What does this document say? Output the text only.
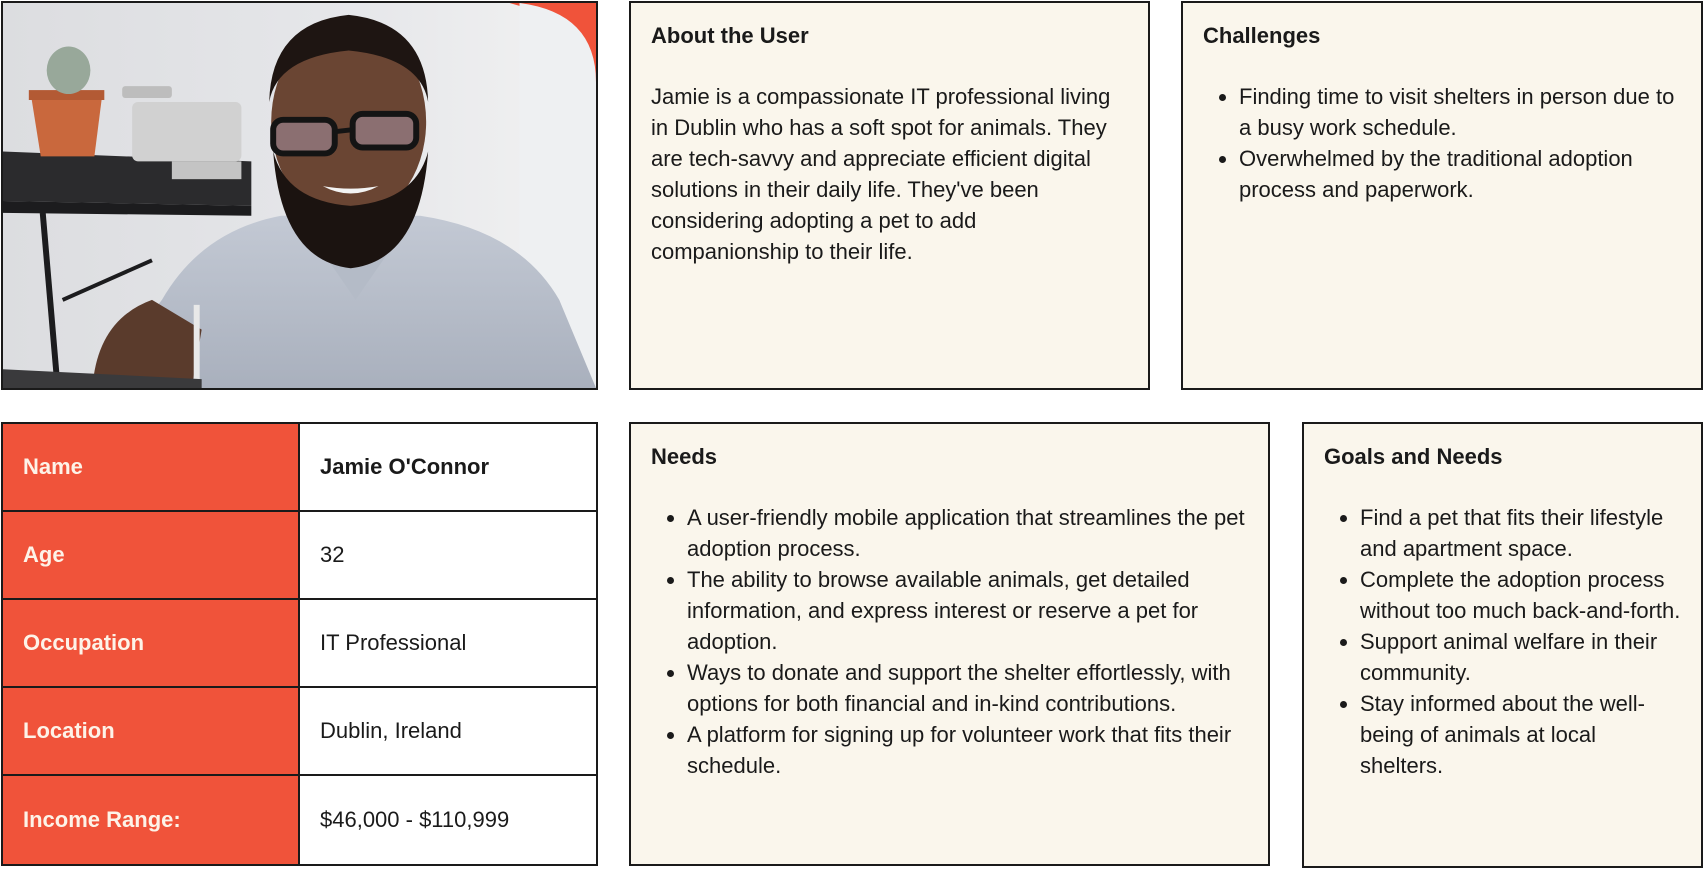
About the User

Jamie is a compassionate IT professional living in Dublin who has a soft spot for animals. They are tech-savvy and appreciate efficient digital solutions in their daily life. They've been considering adopting a pet to add companionship to their life.

Challenges
• Finding time to visit shelters in person due to a busy work schedule.
• Overwhelmed by the traditional adoption process and paperwork.
Name	Jamie O'Connor
Age	32
Occupation	IT Professional
Location	Dublin, Ireland
Income Range:	$46,000 - $110,999
Needs
• A user-friendly mobile application that streamlines the pet adoption process.
• The ability to browse available animals, get detailed information, and express interest or reserve a pet for adoption.
• Ways to donate and support the shelter effortlessly, with options for both financial and in-kind contributions.
• A platform for signing up for volunteer work that fits their schedule.
Goals and Needs
• Find a pet that fits their lifestyle and apartment space.
• Complete the adoption process without too much back-and-forth.
• Support animal welfare in their community.
• Stay informed about the well-being of animals at local shelters.
